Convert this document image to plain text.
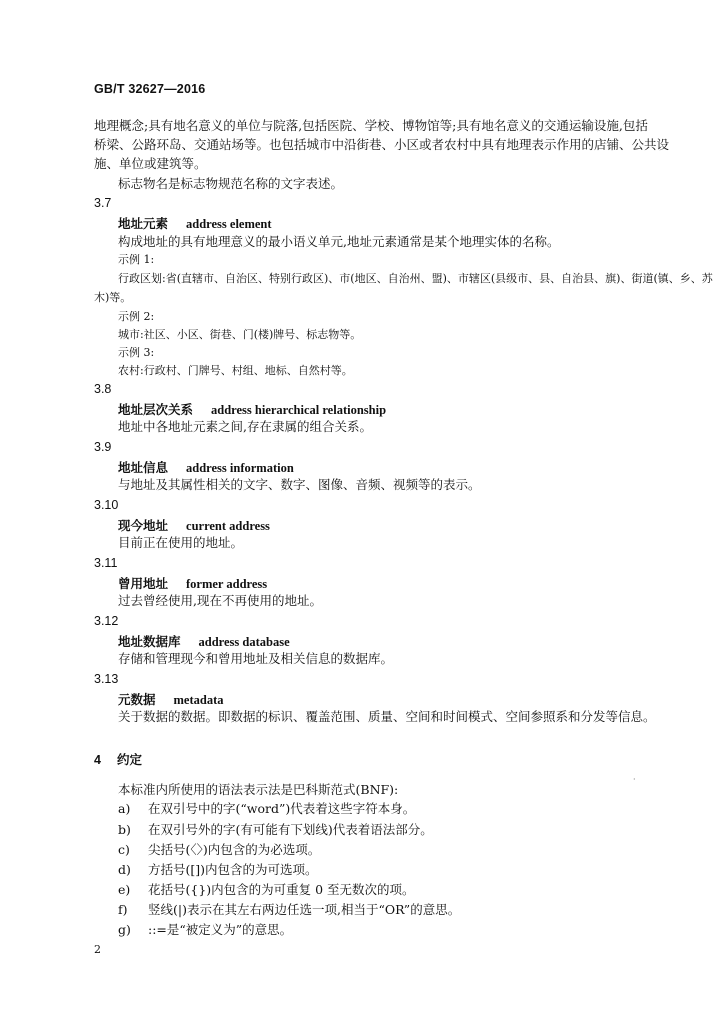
GB/T 32627—2016
地理概念;具有地名意义的单位与院落,包括医院、学校、博物馆等;具有地名意义的交通运输设施,包括
桥梁、公路环岛、交通站场等。也包括城市中沿街巷、小区或者农村中具有地理表示作用的店铺、公共设
施、单位或建筑等。
标志物名是标志物规范名称的文字表述。
3.7
地址元素 address element
构成地址的具有地理意义的最小语义单元,地址元素通常是某个地理实体的名称。
示例 1:
行政区划:省(直辖市、自治区、特别行政区)、市(地区、自治州、盟)、市辖区(县级市、县、自治县、旗)、街道(镇、乡、苏
木)等。
示例 2:
城市:社区、小区、街巷、门(楼)牌号、标志物等。
示例 3:
农村:行政村、门牌号、村组、地标、自然村等。
3.8
地址层次关系 address hierarchical relationship
地址中各地址元素之间,存在隶属的组合关系。
3.9
地址信息 address information
与地址及其属性相关的文字、数字、图像、音频、视频等的表示。
3.10
现今地址 current address
目前正在使用的地址。
3.11
曾用地址 former address
过去曾经使用,现在不再使用的地址。
3.12
地址数据库 address database
存储和管理现今和曾用地址及相关信息的数据库。
3.13
元数据 metadata
关于数据的数据。即数据的标识、覆盖范围、质量、空间和时间模式、空间参照系和分发等信息。
4 约定
·
本标准内所使用的语法表示法是巴科斯范式(BNF):
a) 在双引号中的字(“word”)代表着这些字符本身。
b) 在双引号外的字(有可能有下划线)代表着语法部分。
c) 尖括号(〈〉)内包含的为必选项。
d) 方括号([])内包含的为可选项。
e) 花括号({})内包含的为可重复 0 至无数次的项。
f) 竖线(|)表示在其左右两边任选一项,相当于“OR”的意思。
g) ::=是“被定义为”的意思。
2
